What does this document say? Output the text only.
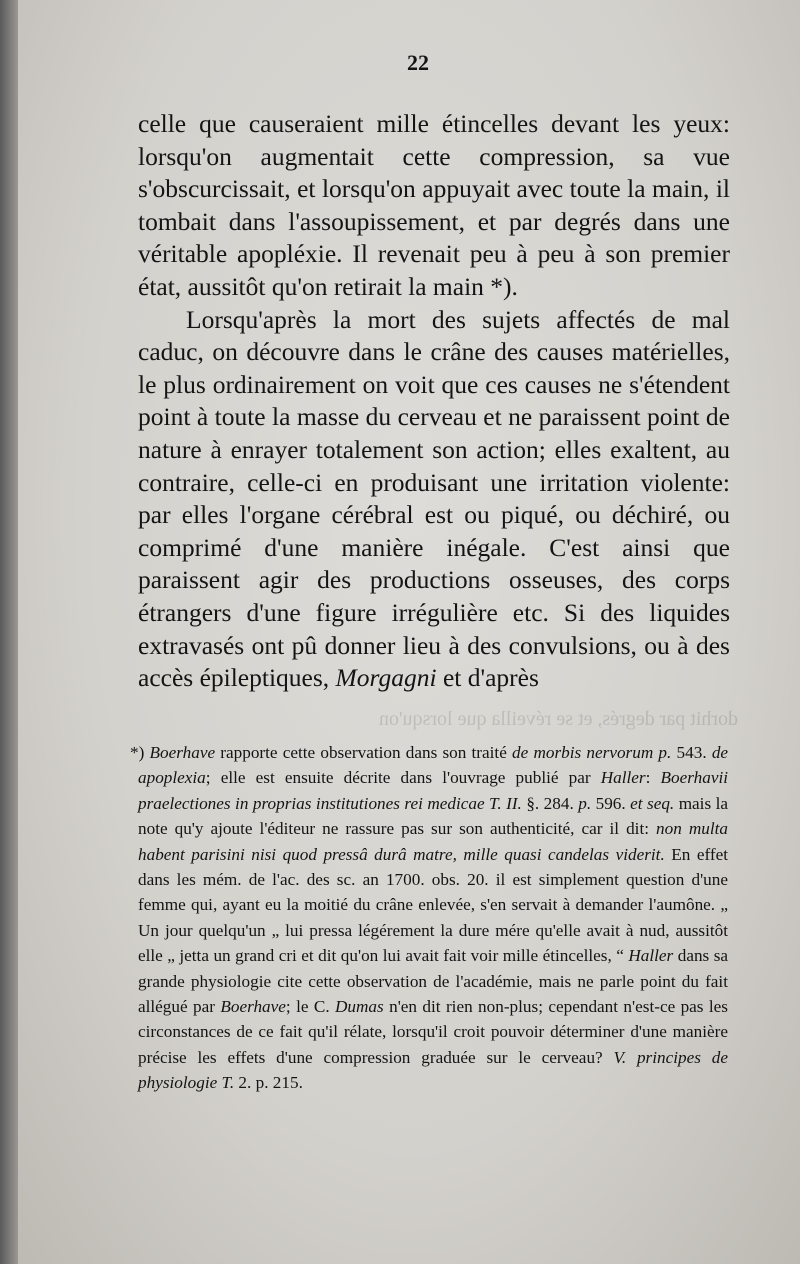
dorhit par degrés, et se réveilla que lorsqu'on
22

celle que causeraient mille étincelles devant les yeux: lorsqu'on augmentait cette compression, sa vue s'obscurcissait, et lorsqu'on appuyait avec toute la main, il tombait dans l'assoupissement, et par degrés dans une véritable apopléxie. Il revenait peu à peu à son premier état, aussitôt qu'on retirait la main *).

Lorsqu'après la mort des sujets affectés de mal caduc, on découvre dans le crâne des causes matérielles, le plus ordinairement on voit que ces causes ne s'étendent point à toute la masse du cerveau et ne paraissent point de nature à enrayer totalement son action; elles exaltent, au contraire, celle-ci en produisant une irritation violente: par elles l'organe cérébral est ou piqué, ou déchiré, ou comprimé d'une manière inégale. C'est ainsi que paraissent agir des productions osseuses, des corps étrangers d'une figure irrégulière etc. Si des liquides extravasés ont pû donner lieu à des convulsions, ou à des accès épileptiques, Morgagni et d'après

*) Boerhave rapporte cette observation dans son traité de morbis nervorum p. 543. de apoplexia; elle est ensuite décrite dans l'ouvrage publié par Haller: Boerhavii praelectiones in proprias institutiones rei medicae T. II. §. 284. p. 596. et seq. mais la note qu'y ajoute l'éditeur ne rassure pas sur son authenticité, car il dit: non multa habent parisini nisi quod pressâ durâ matre, mille quasi candelas viderit. En effet dans les mém. de l'ac. des sc. an 1700. obs. 20. il est simplement question d'une femme qui, ayant eu la moitié du crâne enlevée, s'en servait à demander l'aumône. „ Un jour quelqu'un „ lui pressa légérement la dure mére qu'elle avait à nud, aussitôt elle „ jetta un grand cri et dit qu'on lui avait fait voir mille étincelles, “ Haller dans sa grande physiologie cite cette observation de l'académie, mais ne parle point du fait allégué par Boerhave; le C. Dumas n'en dit rien non-plus; cependant n'est-ce pas les circonstances de ce fait qu'il rélate, lorsqu'il croit pouvoir déterminer d'une manière précise les effets d'une compression graduée sur le cerveau? V. principes de physiologie T. 2. p. 215.
